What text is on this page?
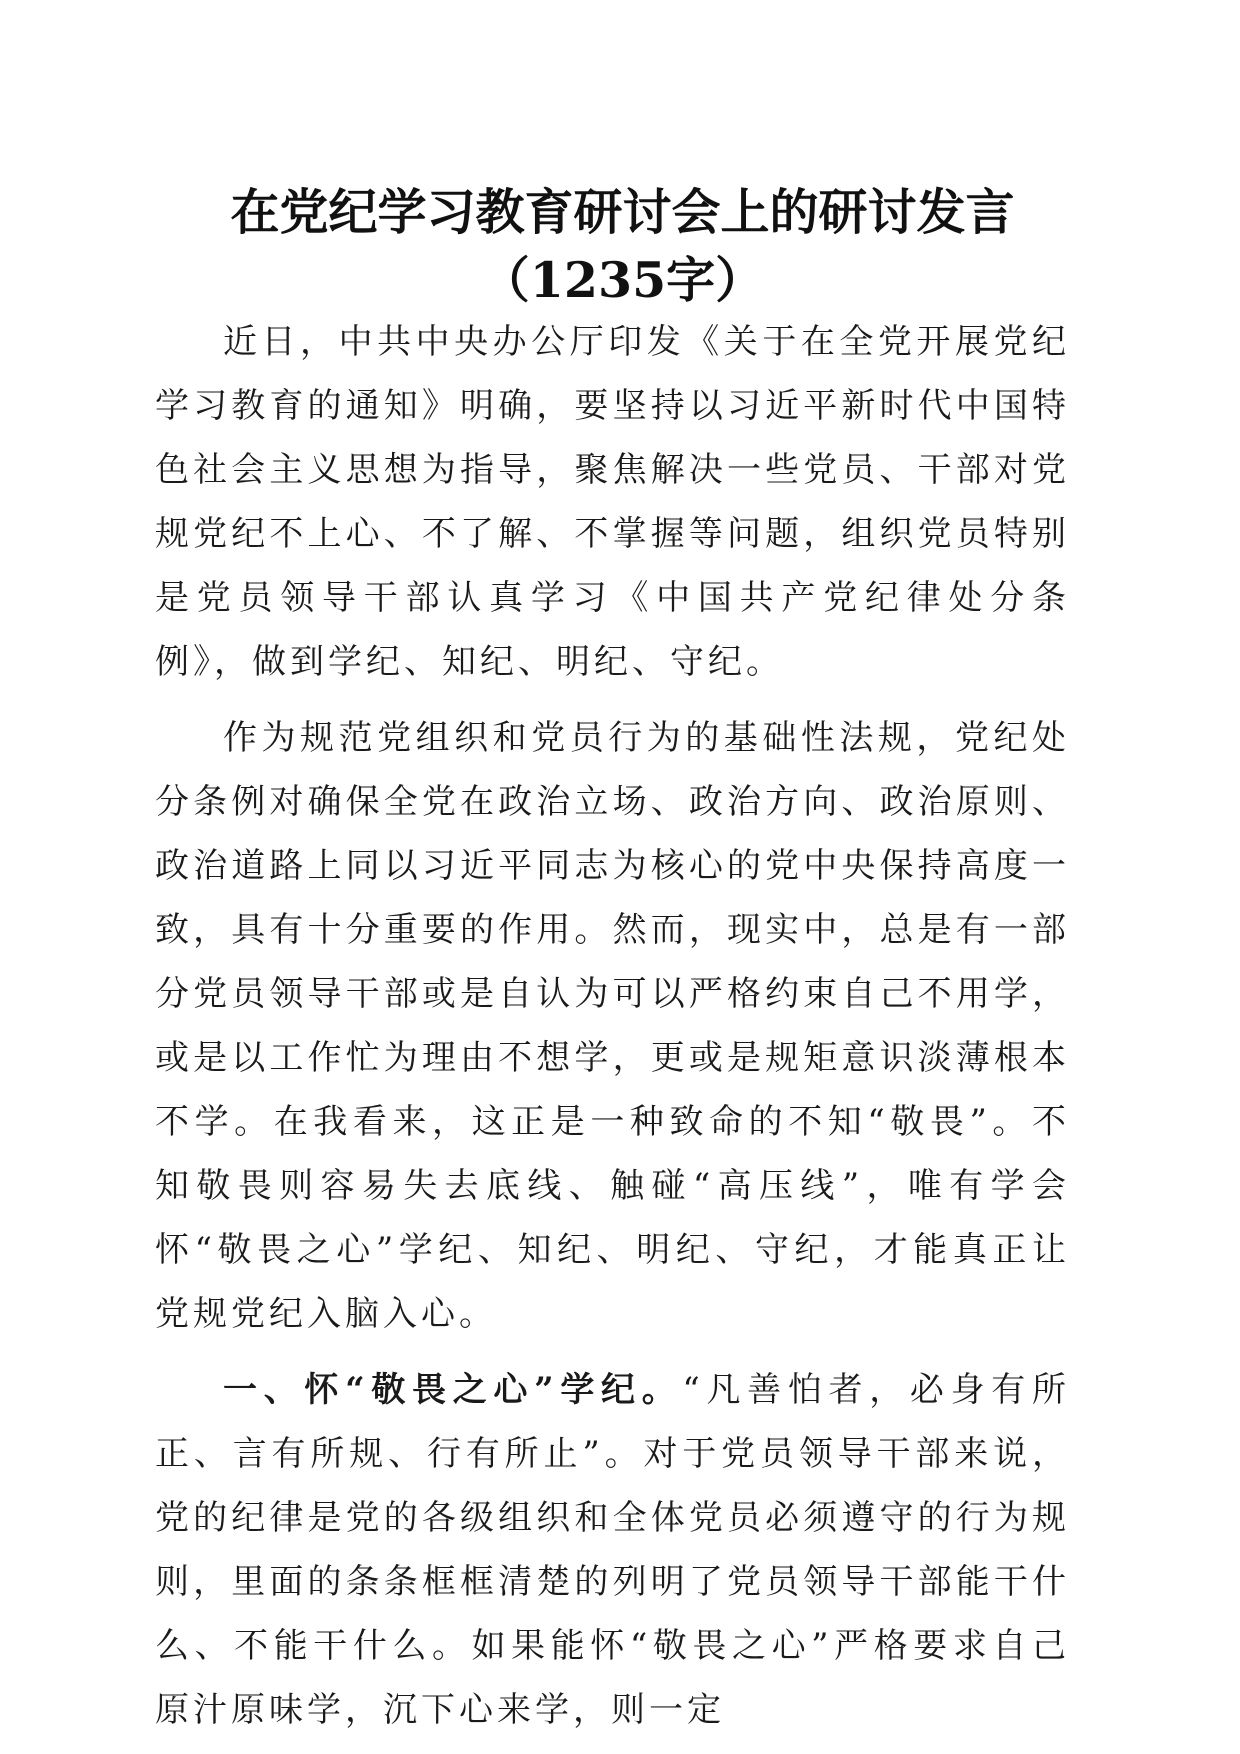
在党纪学习教育研讨会上的研讨发言（1235字）

近日，中共中央办公厅印发《关于在全党开展党纪学习教育的通知》明确，要坚持以习近平新时代中国特色社会主义思想为指导，聚焦解决一些党员、干部对党规党纪不上心、不了解、不掌握等问题，组织党员特别是党员领导干部认真学习《中国共产党纪律处分条例》，做到学纪、知纪、明纪、守纪。

作为规范党组织和党员行为的基础性法规，党纪处分条例对确保全党在政治立场、政治方向、政治原则、政治道路上同以习近平同志为核心的党中央保持高度一致，具有十分重要的作用。然而，现实中，总是有一部分党员领导干部或是自认为可以严格约束自己不用学，或是以工作忙为理由不想学，更或是规矩意识淡薄根本不学。在我看来，这正是一种致命的不知“敬畏”。不知敬畏则容易失去底线、触碰“高压线”，唯有学会怀“敬畏之心”学纪、知纪、明纪、守纪，才能真正让党规党纪入脑入心。

一、怀“敬畏之心”学纪。“凡善怕者，必身有所正、言有所规、行有所止”。对于党员领导干部来说，党的纪律是党的各级组织和全体党员必须遵守的行为规则，里面的条条框框清楚的列明了党员领导干部能干什么、不能干什么。如果能怀“敬畏之心”严格要求自己原汁原味学，沉下心来学，则一定
